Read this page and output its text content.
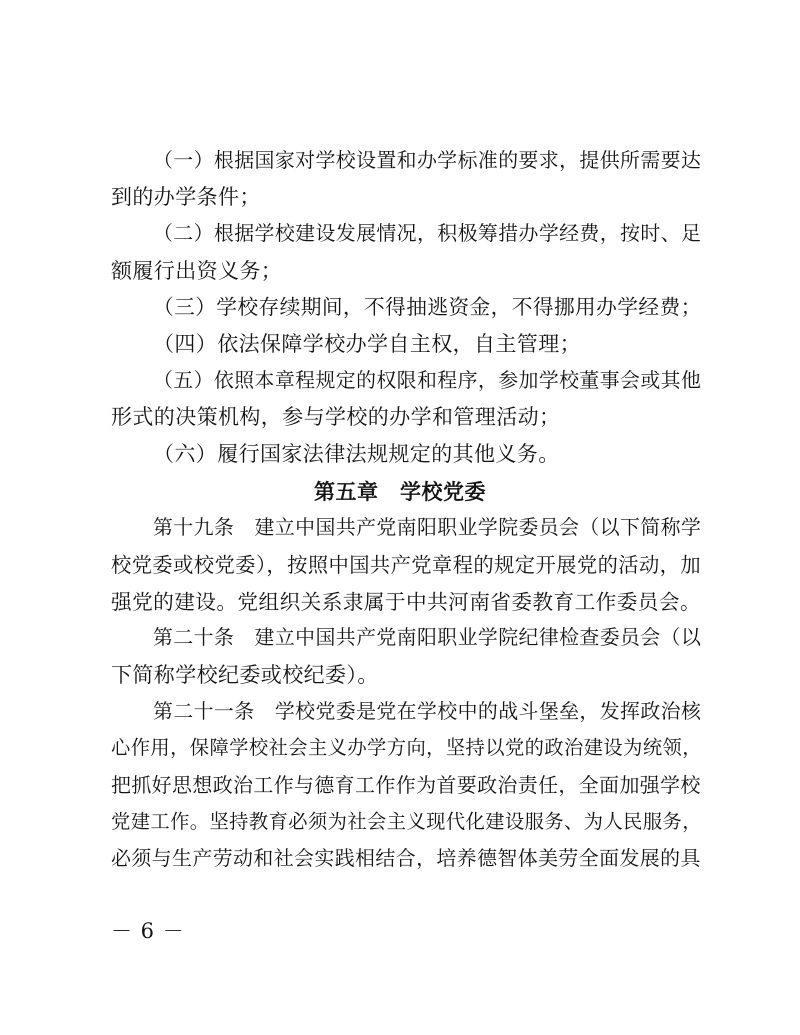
（一）根据国家对学校设置和办学标准的要求，提供所需要达
到的办学条件；
（二）根据学校建设发展情况，积极筹措办学经费，按时、足
额履行出资义务；
（三）学校存续期间，不得抽逃资金，不得挪用办学经费；
（四）依法保障学校办学自主权，自主管理；
（五）依照本章程规定的权限和程序，参加学校董事会或其他
形式的决策机构，参与学校的办学和管理活动；
（六）履行国家法律法规规定的其他义务。
第五章　学校党委
第十九条　建立中国共产党南阳职业学院委员会（以下简称学
校党委或校党委），按照中国共产党章程的规定开展党的活动，加
强党的建设。党组织关系隶属于中共河南省委教育工作委员会。
第二十条　建立中国共产党南阳职业学院纪律检查委员会（以
下简称学校纪委或校纪委）。
第二十一条　学校党委是党在学校中的战斗堡垒，发挥政治核
心作用，保障学校社会主义办学方向，坚持以党的政治建设为统领，
把抓好思想政治工作与德育工作作为首要政治责任，全面加强学校
党建工作。坚持教育必须为社会主义现代化建设服务、为人民服务，
必须与生产劳动和社会实践相结合，培养德智体美劳全面发展的具
－ 6 －
